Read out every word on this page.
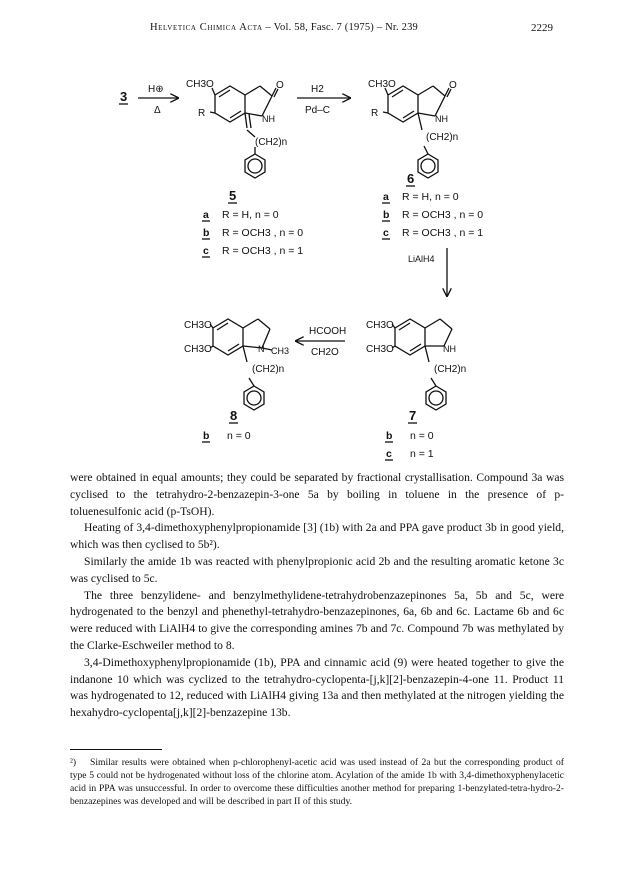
Helvetica Chimica Acta – Vol. 58, Fasc. 7 (1975) – Nr. 239	2229
3 H⊕
Δ
CH3O
R
O
NH
(CH2)n
5
H2
Pd–C
CH3O
R
O
NH
(CH2)n
6
a R = H, n = 0
b R = OCH3 , n = 0
c R = OCH3 , n = 1
a R = H, n = 0
b R = OCH3 , n = 0
c R = OCH3 , n = 1
LiAlH4
CH3O
CH3O	N CH3
(CH2)n
8
b n = 0
HCOOH
CH2O
CH3O
CH3O	NH
(CH2)n
7
b n = 0
c n = 1

were obtained in equal amounts; they could be separated by fractional crystallisation. Compound 3a was cyclised to the tetrahydro-2-benzazepin-3-one 5a by boiling in toluene in the presence of p-toluenesulfonic acid (p-TsOH).

Heating of 3,4-dimethoxyphenylpropionamide [3] (1b) with 2a and PPA gave product 3b in good yield, which was then cyclised to 5b²).

Similarly the amide 1b was reacted with phenylpropionic acid 2b and the resulting aromatic ketone 3c was cyclised to 5c.

The three benzylidene- and benzylmethylidene-tetrahydrobenzazepinones 5a, 5b and 5c, were hydrogenated to the benzyl and phenethyl-tetrahydro-benzazepinones, 6a, 6b and 6c. Lactame 6b and 6c were reduced with LiAlH4 to give the corresponding amines 7b and 7c. Compound 7b was methylated by the Clarke-Eschweiler method to 8.

3,4-Dimethoxyphenylpropionamide (1b), PPA and cinnamic acid (9) were heated together to give the indanone 10 which was cyclized to the tetrahydro-cyclopenta-[j,k][2]-benzazepin-4-one 11. Product 11 was hydrogenated to 12, reduced with LiAlH4 giving 13a and then methylated at the nitrogen yielding the hexahydro-cyclopenta[j,k][2]-benzazepine 13b.

²) Similar results were obtained when p-chlorophenyl-acetic acid was used instead of 2a but the corresponding product of type 5 could not be hydrogenated without loss of the chlorine atom. Acylation of the amide 1b with 3,4-dimethoxyphenylacetic acid in PPA was unsuccessful. In order to overcome these difficulties another method for preparing 1-benzylated-tetra-hydro-2-benzazepines was developed and will be described in part II of this study.
